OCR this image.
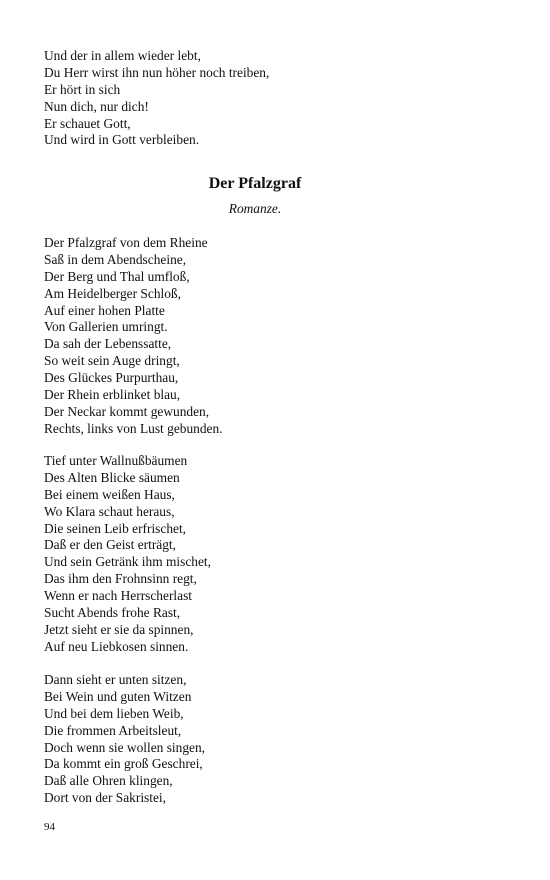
Und der in allem wieder lebt,
Du Herr wirst ihn nun höher noch treiben,
Er hört in sich
Nun dich, nur dich!
Er schauet Gott,
Und wird in Gott verbleiben.
Der Pfalzgraf

Romanze.

Der Pfalzgraf von dem Rheine
Saß in dem Abendscheine,
Der Berg und Thal umfloß,
Am Heidelberger Schloß,
Auf einer hohen Platte
Von Gallerien umringt.
Da sah der Lebenssatte,
So weit sein Auge dringt,
Des Glückes Purpurthau,
Der Rhein erblinket blau,
Der Neckar kommt gewunden,
Rechts, links von Lust gebunden.
Tief unter Wallnußbäumen
Des Alten Blicke säumen
Bei einem weißen Haus,
Wo Klara schaut heraus,
Die seinen Leib erfrischet,
Daß er den Geist erträgt,
Und sein Getränk ihm mischet,
Das ihm den Frohnsinn regt,
Wenn er nach Herrscherlast
Sucht Abends frohe Rast,
Jetzt sieht er sie da spinnen,
Auf neu Liebkosen sinnen.
Dann sieht er unten sitzen,
Bei Wein und guten Witzen
Und bei dem lieben Weib,
Die frommen Arbeitsleut,
Doch wenn sie wollen singen,
Da kommt ein groß Geschrei,
Daß alle Ohren klingen,
Dort von der Sakristei,
94
